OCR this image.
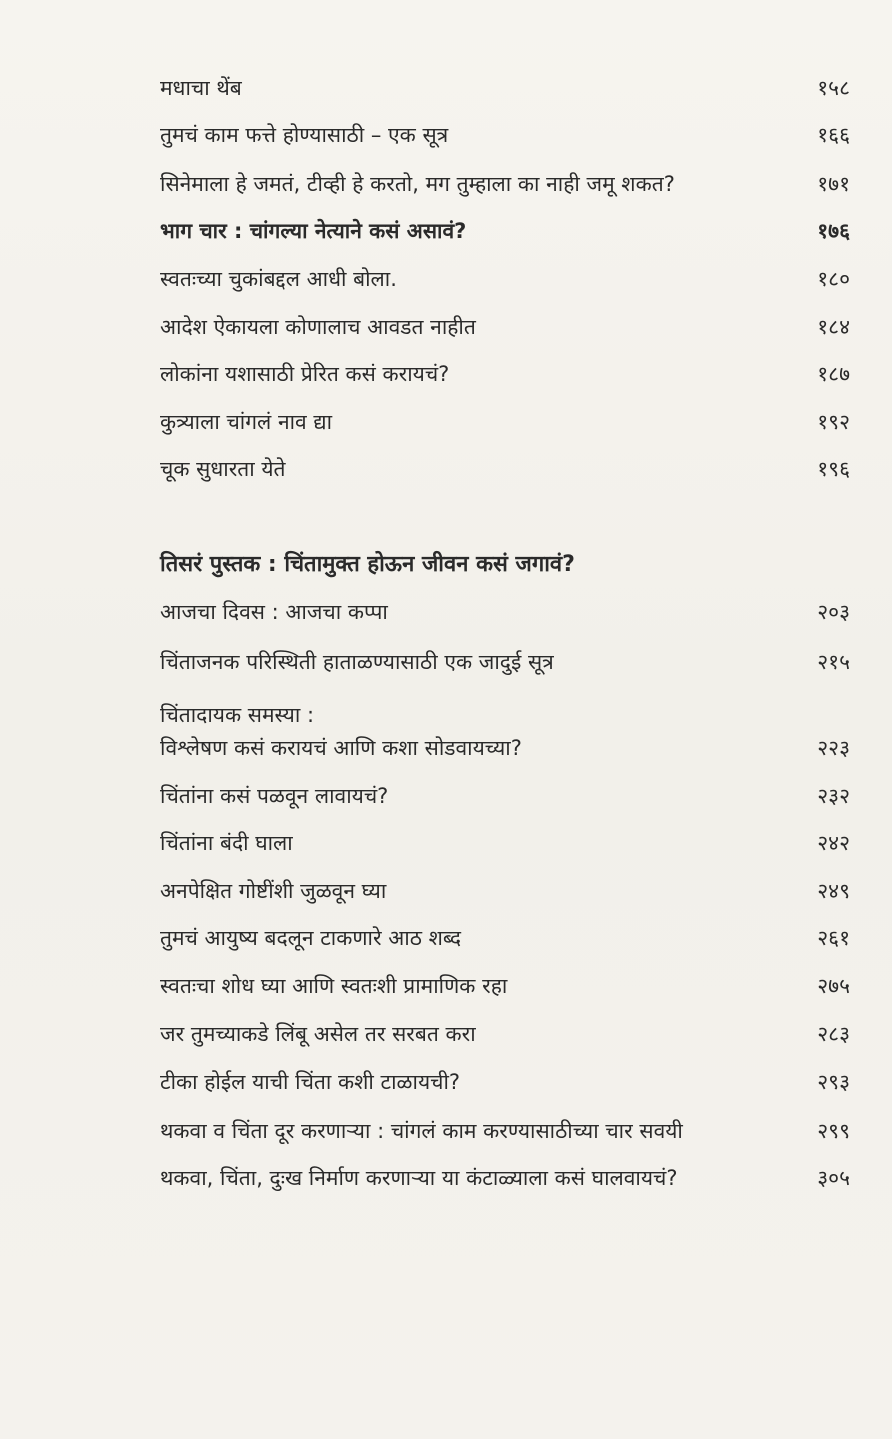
मधाचा थेंब	१५८
तुमचं काम फत्ते होण्यासाठी – एक सूत्र	१६६
सिनेमाला हे जमतं, टीव्ही हे करतो, मग तुम्हाला का नाही जमू शकत?	१७१
भाग चार : चांगल्या नेत्याने कसं असावं?	१७६
स्वतःच्या चुकांबद्दल आधी बोला.	१८०
आदेश ऐकायला कोणालाच आवडत नाहीत	१८४
लोकांना यशासाठी प्रेरित कसं करायचं?	१८७
कुत्र्याला चांगलं नाव द्या	१९२
चूक सुधारता येते	१९६
तिसरं पुस्तक : चिंतामुक्त होऊन जीवन कसं जगावं?
आजचा दिवस : आजचा कप्पा	२०३
चिंताजनक परिस्थिती हाताळण्यासाठी एक जादुई सूत्र	२१५
चिंतादायक समस्या :
विश्लेषण कसं करायचं आणि कशा सोडवायच्या?	२२३
चिंतांना कसं पळवून लावायचं?	२३२
चिंतांना बंदी घाला	२४२
अनपेक्षित गोष्टींशी जुळवून घ्या	२४९
तुमचं आयुष्य बदलून टाकणारे आठ शब्द	२६१
स्वतःचा शोध घ्या आणि स्वतःशी प्रामाणिक रहा	२७५
जर तुमच्याकडे लिंबू असेल तर सरबत करा	२८३
टीका होईल याची चिंता कशी टाळायची?	२९३
थकवा व चिंता दूर करणाऱ्या : चांगलं काम करण्यासाठीच्या चार सवयी	२९९
थकवा, चिंता, दुःख निर्माण करणाऱ्या या कंटाळ्याला कसं घालवायचं?	३०५
